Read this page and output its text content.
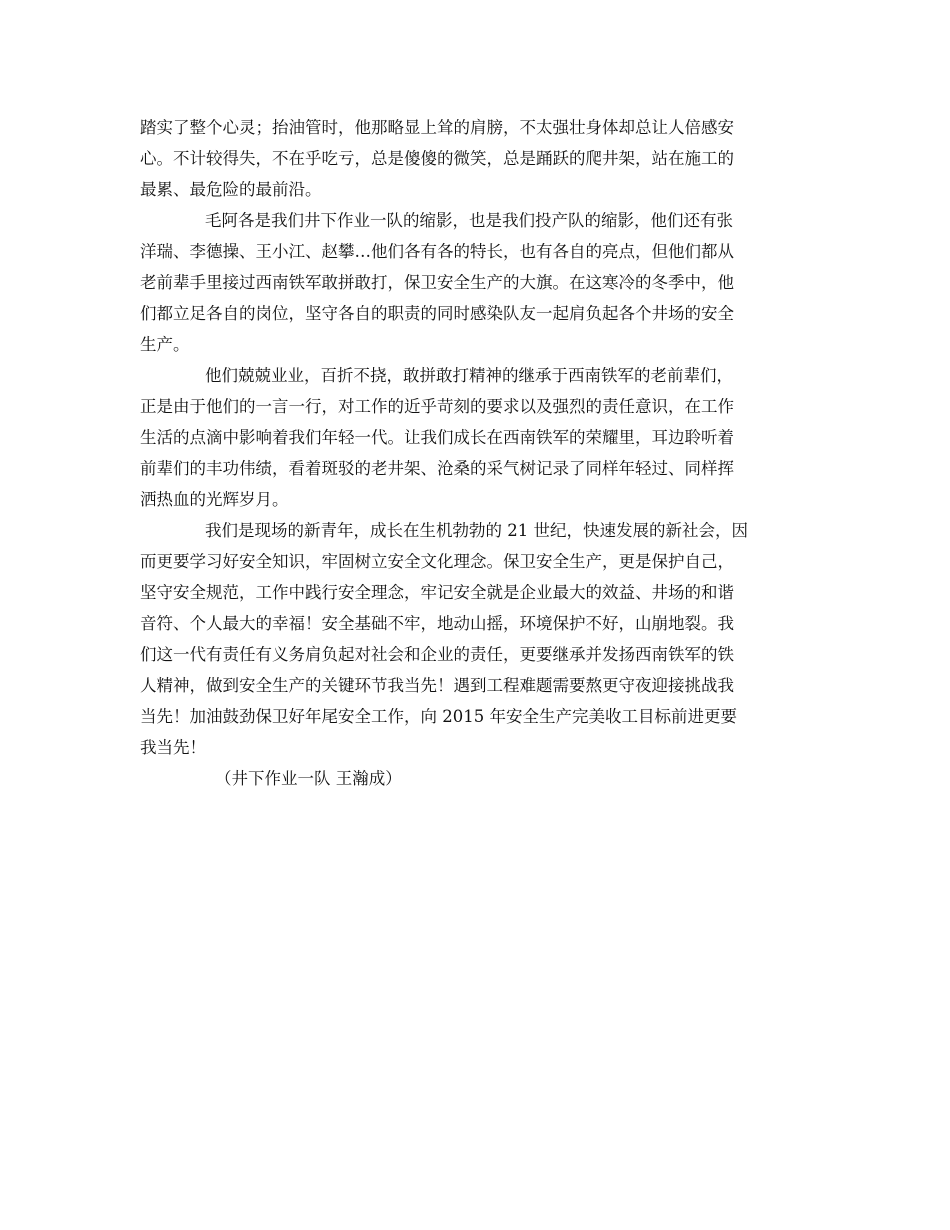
踏实了整个心灵；抬油管时，他那略显上耸的肩膀，不太强壮身体却总让人倍感安
心。不计较得失，不在乎吃亏，总是傻傻的微笑，总是踊跃的爬井架，站在施工的
最累、最危险的最前沿。
毛阿各是我们井下作业一队的缩影，也是我们投产队的缩影，他们还有张
洋瑞、李德操、王小江、赵攀…他们各有各的特长，也有各自的亮点，但他们都从
老前辈手里接过西南铁军敢拼敢打，保卫安全生产的大旗。在这寒冷的冬季中，他
们都立足各自的岗位，坚守各自的职责的同时感染队友一起肩负起各个井场的安全
生产。
他们兢兢业业，百折不挠，敢拼敢打精神的继承于西南铁军的老前辈们，
正是由于他们的一言一行，对工作的近乎苛刻的要求以及强烈的责任意识，在工作
生活的点滴中影响着我们年轻一代。让我们成长在西南铁军的荣耀里，耳边聆听着
前辈们的丰功伟绩，看着斑驳的老井架、沧桑的采气树记录了同样年轻过、同样挥
洒热血的光辉岁月。
我们是现场的新青年，成长在生机勃勃的 21 世纪，快速发展的新社会，因
而更要学习好安全知识，牢固树立安全文化理念。保卫安全生产，更是保护自己，
坚守安全规范，工作中践行安全理念，牢记安全就是企业最大的效益、井场的和谐
音符、个人最大的幸福！安全基础不牢，地动山摇，环境保护不好，山崩地裂。我
们这一代有责任有义务肩负起对社会和企业的责任，更要继承并发扬西南铁军的铁
人精神，做到安全生产的关键环节我当先！遇到工程难题需要熬更守夜迎接挑战我
当先！加油鼓劲保卫好年尾安全工作，向 2015 年安全生产完美收工目标前进更要
我当先！
（井下作业一队 王瀚成）
